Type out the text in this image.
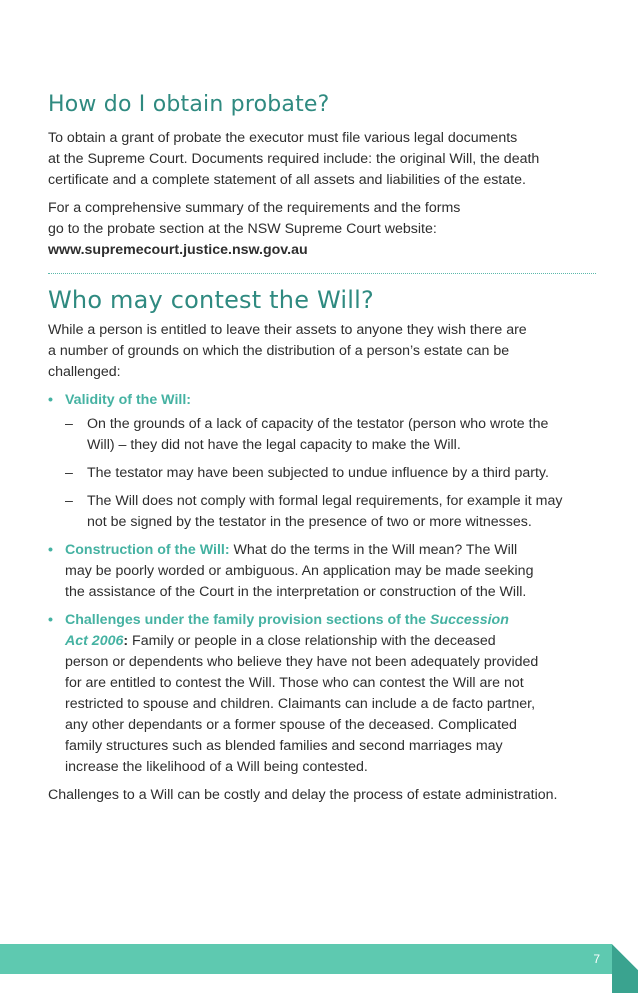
How do I obtain probate?

To obtain a grant of probate the executor must file various legal documents
at the Supreme Court. Documents required include: the original Will, the death
certificate and a complete statement of all assets and liabilities of the estate.

For a comprehensive summary of the requirements and the forms
go to the probate section at the NSW Supreme Court website:
www.supremecourt.justice.nsw.gov.au

Who may contest the Will?

While a person is entitled to leave their assets to anyone they wish there are
a number of grounds on which the distribution of a person’s estate can be
challenged:

• Validity of the Will:
– On the grounds of a lack of capacity of the testator (person who wrote the
Will) – they did not have the legal capacity to make the Will.
– The testator may have been subjected to undue influence by a third party.
– The Will does not comply with formal legal requirements, for example it may
not be signed by the testator in the presence of two or more witnesses.
• Construction of the Will: What do the terms in the Will mean? The Will
may be poorly worded or ambiguous. An application may be made seeking
the assistance of the Court in the interpretation or construction of the Will.
• Challenges under the family provision sections of the Succession
Act 2006: Family or people in a close relationship with the deceased
person or dependents who believe they have not been adequately provided
for are entitled to contest the Will. Those who can contest the Will are not
restricted to spouse and children. Claimants can include a de facto partner,
any other dependants or a former spouse of the deceased. Complicated
family structures such as blended families and second marriages may
increase the likelihood of a Will being contested.

Challenges to a Will can be costly and delay the process of estate administration.

7
